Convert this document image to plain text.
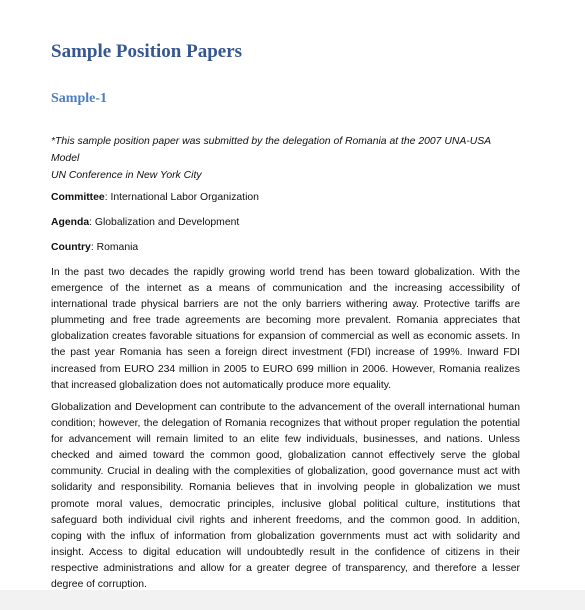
Sample Position Papers
Sample-1

*This sample position paper was submitted by the delegation of Romania at the 2007 UNA-USA Model
UN Conference in New York City

Committee: International Labor Organization

Agenda: Globalization and Development

Country: Romania

In the past two decades the rapidly growing world trend has been toward globalization. With the emergence of the internet as a means of communication and the increasing accessibility of international trade physical barriers are not the only barriers withering away. Protective tariffs are plummeting and free trade agreements are becoming more prevalent. Romania appreciates that globalization creates favorable situations for expansion of commercial as well as economic assets. In the past year Romania has seen a foreign direct investment (FDI) increase of 199%. Inward FDI increased from EURO 234 million in 2005 to EURO 699 million in 2006. However, Romania realizes that increased globalization does not automatically produce more equality.

Globalization and Development can contribute to the advancement of the overall international human condition; however, the delegation of Romania recognizes that without proper regulation the potential for advancement will remain limited to an elite few individuals, businesses, and nations. Unless checked and aimed toward the common good, globalization cannot effectively serve the global community. Crucial in dealing with the complexities of globalization, good governance must act with solidarity and responsibility. Romania believes that in involving people in globalization we must promote moral values, democratic principles, inclusive global political culture, institutions that safeguard both individual civil rights and inherent freedoms, and the common good. In addition, coping with the influx of information from globalization governments must act with solidarity and insight. Access to digital education will undoubtedly result in the confidence of citizens in their respective administrations and allow for a greater degree of transparency, and therefore a lesser degree of corruption.
